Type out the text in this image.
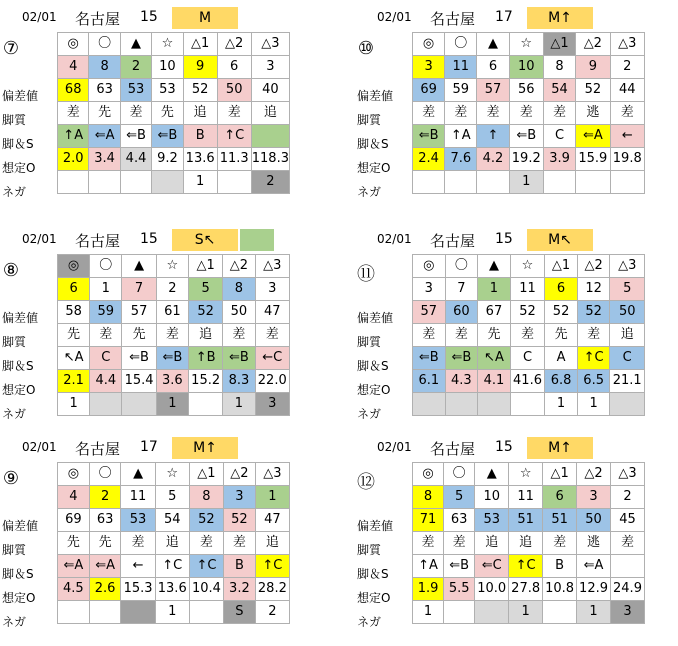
02/01 名古屋 15	M
⑦
偏差値
脚質
脚＆S
想定O
ネガ
◎	〇	▲	☆	△1	△2	△3
4	8	2	10	9	6	3
68	63	53	53	52	50	40
差	先	差	先	追	差	追
↑A	⇐A	⇐B	⇐B	B	↑C	
2.0	3.4	4.4	9.2	13.6	11.3	118.3
				1		2
02/01 名古屋 17	M↑
⑩
偏差値
脚質
脚＆S
想定O
ネガ
◎	〇	▲	☆	△1	△2	△3
3	11	6	10	8	9	2
69	59	57	56	54	52	44
差	差	差	差	差	逃	差
⇐B	↑A	↑	⇐B	C	⇐A	←
2.4	7.6	4.2	19.2	3.9	15.9	19.8
			1			
02/01 名古屋 15	S↖
⑧
偏差値
脚質
脚＆S
想定O
ネガ
◎	〇	▲	☆	△1	△2	△3
6	1	7	2	5	8	3
58	59	57	61	52	50	47
先	差	先	差	追	差	差
↖A	C	⇐B	⇐B	↑B	⇐B	←C
2.1	4.4	15.4	3.6	15.2	8.3	22.0
1			1		1	3
02/01 名古屋 15	M↖
⑪
偏差値
脚質
脚＆S
想定O
ネガ
◎	〇	▲	☆	△1	△2	△3
3	7	1	11	6	12	5
57	60	67	52	52	52	50
差	差	先	差	先	差	追
⇐B	⇐B	↖A	C	A	↑C	C
6.1	4.3	4.1	41.6	6.8	6.5	21.1
				1	1	
02/01 名古屋 17	M↑
⑨
偏差値
脚質
脚＆S
想定O
ネガ
◎	〇	▲	☆	△1	△2	△3
4	2	11	5	8	3	1
69	63	53	54	52	52	47
先	先	差	追	差	差	追
⇐A	⇐A	←	↑C	↑C	B	↑C
4.5	2.6	15.3	13.6	10.4	3.2	28.2
			1		S	2
02/01 名古屋 15	M↑
⑫
偏差値
脚質
脚＆S
想定O
ネガ
◎	〇	▲	☆	△1	△2	△3
8	5	10	11	6	3	2
71	63	53	51	51	50	45
差	差	追	追	差	逃	差
↑A	⇐B	⇐C	↑C	B	⇐A	
1.9	5.5	10.0	27.8	10.8	12.9	24.9
1			1		1	3
